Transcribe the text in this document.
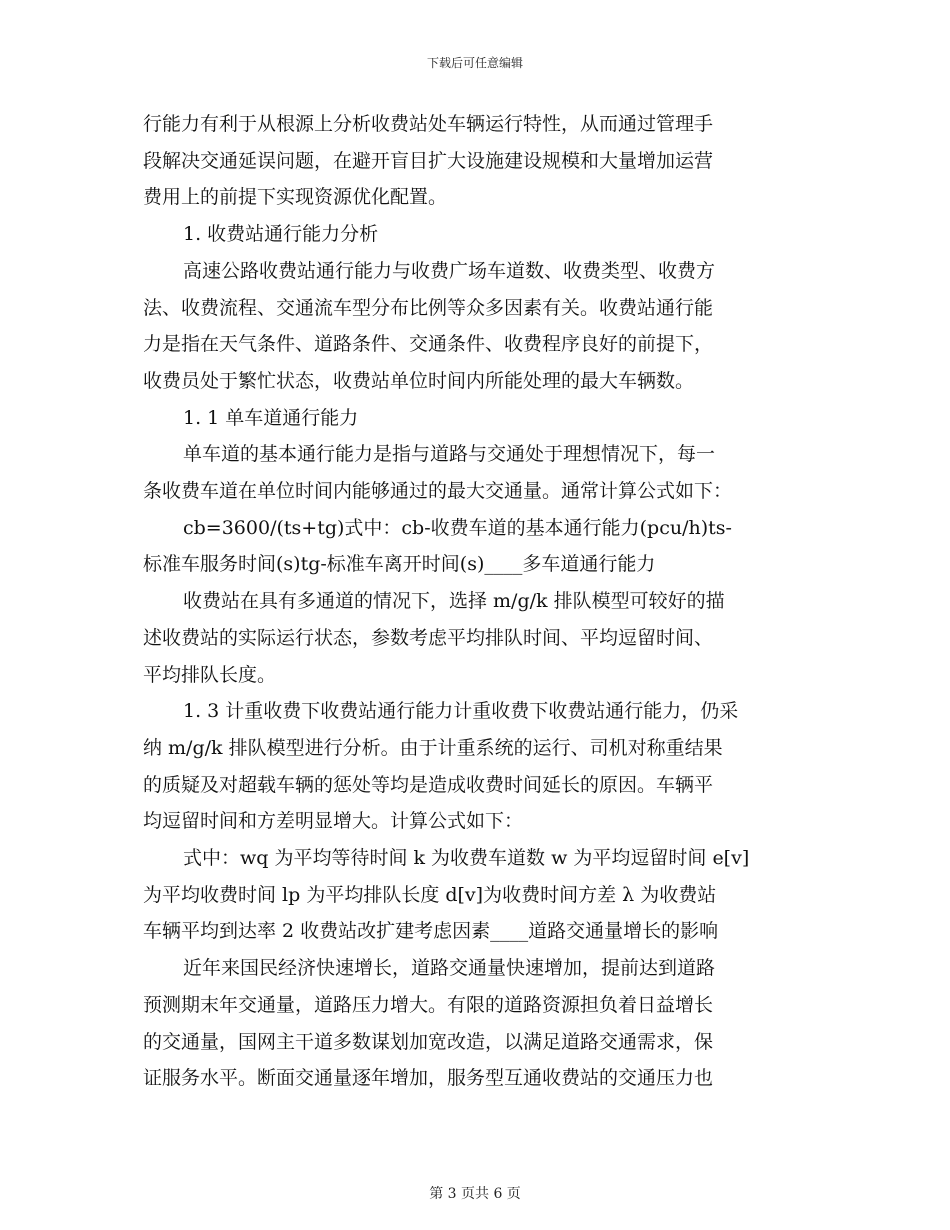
下载后可任意编辑

行能力有利于从根源上分析收费站处车辆运行特性，从而通过管理手

段解决交通延误问题，在避开盲目扩大设施建设规模和大量增加运营

费用上的前提下实现资源优化配置。

1. 收费站通行能力分析

高速公路收费站通行能力与收费广场车道数、收费类型、收费方

法、收费流程、交通流车型分布比例等众多因素有关。收费站通行能

力是指在天气条件、道路条件、交通条件、收费程序良好的前提下，

收费员处于繁忙状态，收费站单位时间内所能处理的最大车辆数。

1. 1 单车道通行能力

单车道的基本通行能力是指与道路与交通处于理想情况下，每一

条收费车道在单位时间内能够通过的最大交通量。通常计算公式如下：

cb=3600/(ts+tg)式中：cb-收费车道的基本通行能力(pcu/h)ts-

标准车服务时间(s)tg-标准车离开时间(s)____多车道通行能力

收费站在具有多通道的情况下，选择 m/g/k 排队模型可较好的描

述收费站的实际运行状态，参数考虑平均排队时间、平均逗留时间、

平均排队长度。

1. 3 计重收费下收费站通行能力计重收费下收费站通行能力，仍采

纳 m/g/k 排队模型进行分析。由于计重系统的运行、司机对称重结果

的质疑及对超载车辆的惩处等均是造成收费时间延长的原因。车辆平

均逗留时间和方差明显增大。计算公式如下：

式中：wq 为平均等待时间 k 为收费车道数 w 为平均逗留时间 e[v]

为平均收费时间 lp 为平均排队长度 d[v]为收费时间方差 λ 为收费站

车辆平均到达率 2 收费站改扩建考虑因素____道路交通量增长的影响

近年来国民经济快速增长，道路交通量快速增加，提前达到道路

预测期末年交通量，道路压力增大。有限的道路资源担负着日益增长

的交通量，国网主干道多数谋划加宽改造，以满足道路交通需求，保

证服务水平。断面交通量逐年增加，服务型互通收费站的交通压力也

第 3 页共 6 页
